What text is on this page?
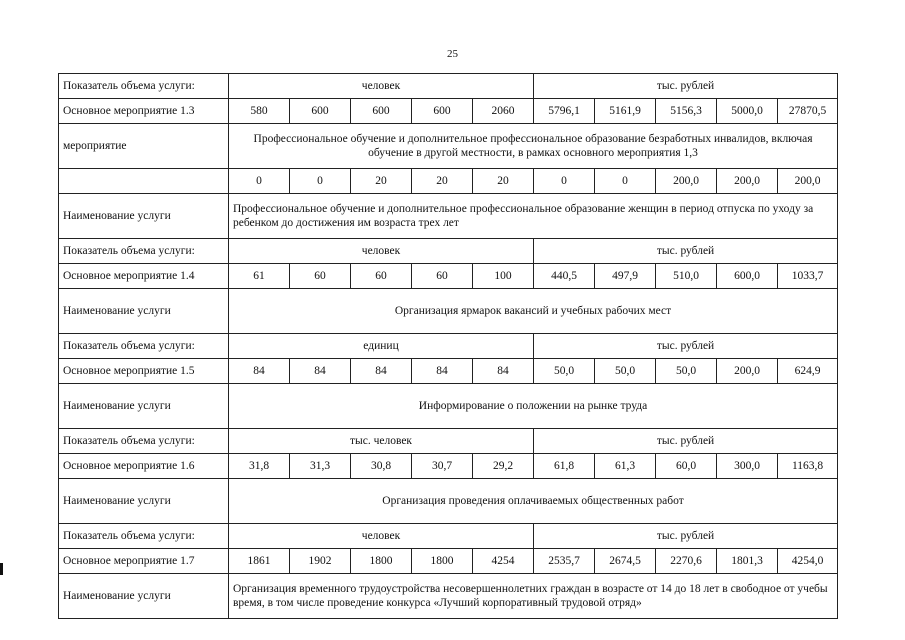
25
Показатель объема услуги:	человек					тыс. рублей				
Основное мероприятие 1.3	580	600	600	600	2060	5796,1	5161,9	5156,3	5000,0	27870,5
мероприятие	Профессиональное обучение и дополнительное профессиональное образование безработных инвалидов, включая обучение в другой местности, в рамках основного мероприятия 1,3									
	0	0	20	20	20	0	0	200,0	200,0	200,0
Наименование услуги	Профессиональное обучение и дополнительное профессиональное образование женщин в период отпуска по уходу за ребенком до достижения им возраста трех лет									
Показатель объема услуги:	человек					тыс. рублей				
Основное мероприятие 1.4	61	60	60	60	100	440,5	497,9	510,0	600,0	1033,7
Наименование услуги	Организация ярмарок вакансий и учебных рабочих мест									
Показатель объема услуги:	единиц					тыс. рублей				
Основное мероприятие 1.5	84	84	84	84	84	50,0	50,0	50,0	200,0	624,9
Наименование услуги	Информирование о положении на рынке труда									
Показатель объема услуги:	тыс. человек					тыс. рублей				
Основное мероприятие 1.6	31,8	31,3	30,8	30,7	29,2	61,8	61,3	60,0	300,0	1163,8
Наименование услуги	Организация проведения оплачиваемых общественных работ									
Показатель объема услуги:	человек					тыс. рублей				
Основное мероприятие 1.7	1861	1902	1800	1800	4254	2535,7	2674,5	2270,6	1801,3	4254,0
Наименование услуги	Организация временного трудоустройства несовершеннолетних граждан в возрасте от 14 до 18 лет в свободное от учебы время, в том числе проведение конкурса «Лучший корпоративный трудовой отряд»									
